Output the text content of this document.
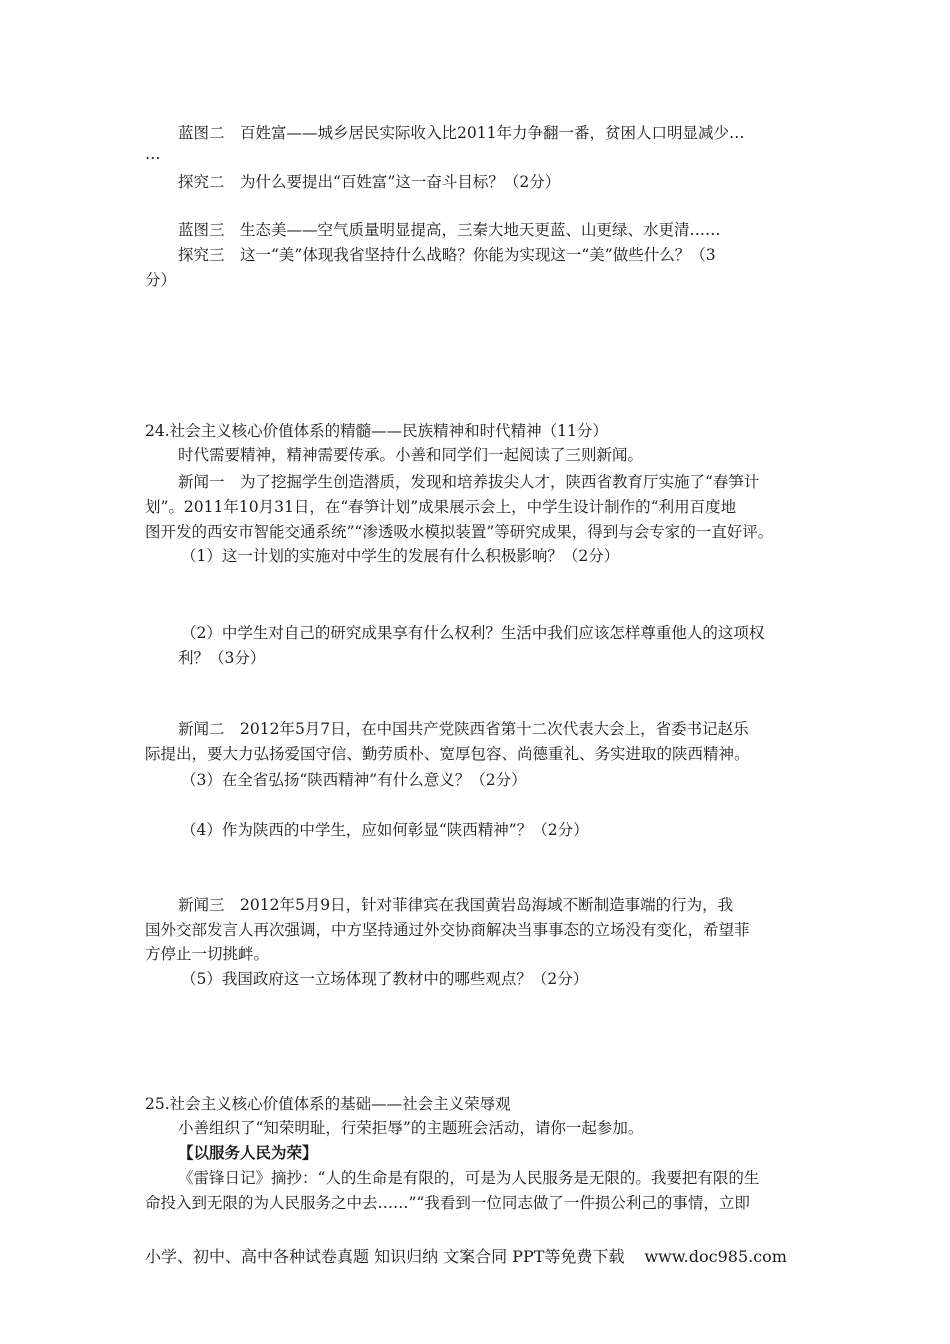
蓝图二　百姓富——城乡居民实际收入比2011年力争翻一番，贫困人口明显减少…
…
探究二　为什么要提出“百姓富”这一奋斗目标？（2分）
蓝图三　生态美——空气质量明显提高，三秦大地天更蓝、山更绿、水更清……
探究三　这一“美”体现我省坚持什么战略？你能为实现这一“美”做些什么？（3
分）
24.社会主义核心价值体系的精髓——民族精神和时代精神（11分）
时代需要精神，精神需要传承。小善和同学们一起阅读了三则新闻。
新闻一　为了挖掘学生创造潜质，发现和培养拔尖人才，陕西省教育厅实施了“春笋计
划”。2011年10月31日，在“春笋计划”成果展示会上，中学生设计制作的“利用百度地
图开发的西安市智能交通系统”“渗透吸水模拟装置”等研究成果，得到与会专家的一直好评。
（1）这一计划的实施对中学生的发展有什么积极影响？（2分）
（2）中学生对自己的研究成果享有什么权利？生活中我们应该怎样尊重他人的这项权
利？（3分）
新闻二　2012年5月7日，在中国共产党陕西省第十二次代表大会上，省委书记赵乐
际提出，要大力弘扬爱国守信、勤劳质朴、宽厚包容、尚德重礼、务实进取的陕西精神。
（3）在全省弘扬“陕西精神”有什么意义？（2分）
（4）作为陕西的中学生，应如何彰显“陕西精神”？（2分）
新闻三　2012年5月9日，针对菲律宾在我国黄岩岛海域不断制造事端的行为，我
国外交部发言人再次强调，中方坚持通过外交协商解决当事事态的立场没有变化，希望菲
方停止一切挑衅。
（5）我国政府这一立场体现了教材中的哪些观点？（2分）
25.社会主义核心价值体系的基础——社会主义荣辱观
小善组织了“知荣明耻，行荣拒辱”的主题班会活动，请你一起参加。
【以服务人民为荣】
《雷锋日记》摘抄：“人的生命是有限的，可是为人民服务是无限的。我要把有限的生
命投入到无限的为人民服务之中去……”“我看到一位同志做了一件损公利己的事情，立即
小学、初中、高中各种试卷真题 知识归纳 文案合同 PPT等免费下载 www.doc985.com
